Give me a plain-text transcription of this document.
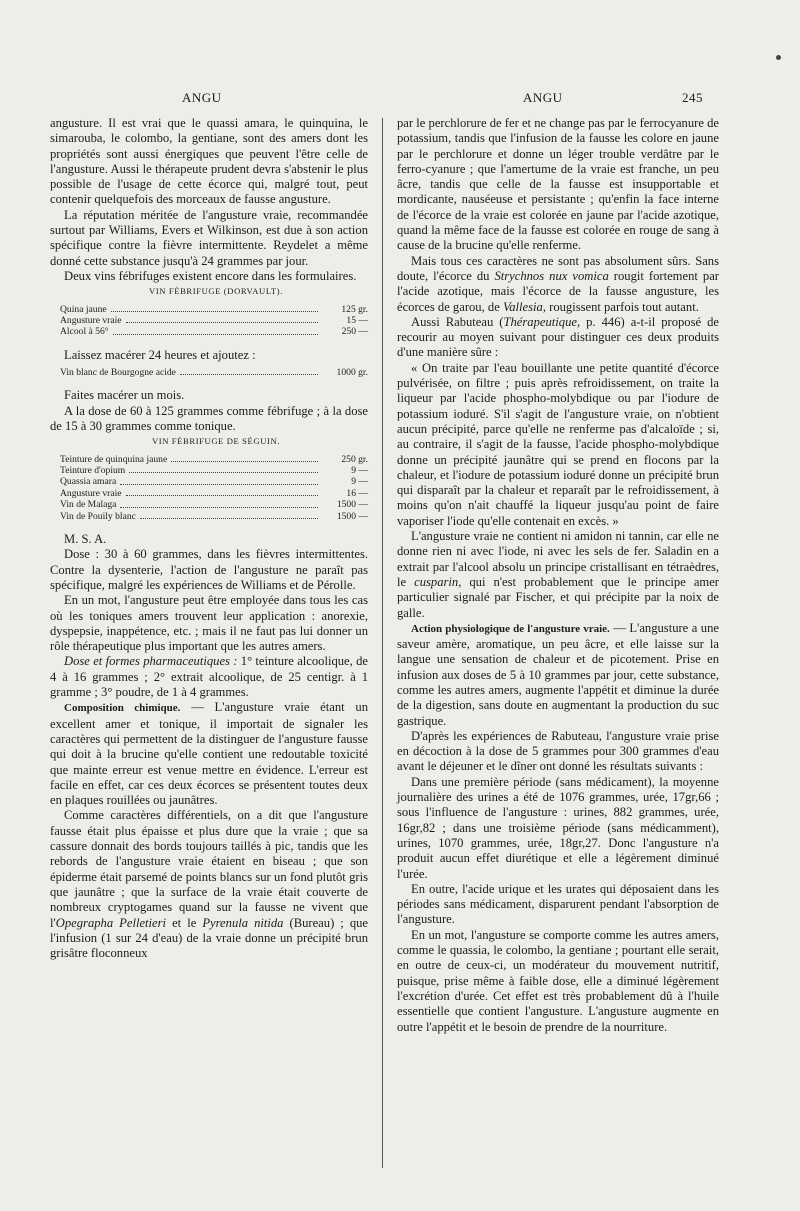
ANGU	ANGU	245

angusture. Il est vrai que le quassi amara, le quinquina, le simarouba, le colombo, la gentiane, sont des amers dont les propriétés sont aussi énergiques que peuvent l'être celle de l'angusture. Aussi le thérapeute prudent devra s'abstenir le plus possible de l'usage de cette écorce qui, malgré tout, peut contenir quelquefois des morceaux de fausse angusture.

La réputation méritée de l'angusture vraie, recommandée surtout par Williams, Evers et Wilkinson, est due à son action spécifique contre la fièvre intermittente. Reydelet a même donné cette substance jusqu'à 24 grammes par jour.

Deux vins fébrifuges existent encore dans les formulaires.

VIN FÉBRIFUGE (DORVAULT).

Quina jaune	125 gr.
Angusture vraie	15 —
Alcool à 56°	250 —

Laissez macérer 24 heures et ajoutez :

Vin blanc de Bourgogne acide	1000 gr.

Faites macérer un mois.

A la dose de 60 à 125 grammes comme fébrifuge ; à la dose de 15 à 30 grammes comme tonique.

VIN FÉBRIFUGE DE SÉGUIN.

Teinture de quinquina jaune	250 gr.
Teinture d'opium	9 —
Quassia amara	9 —
Angusture vraie	16 —
Vin de Malaga	1500 —
Vin de Pouily blanc	1500 —

M. S. A.

Dose : 30 à 60 grammes, dans les fièvres intermittentes. Contre la dysenterie, l'action de l'angusture ne paraît pas spécifique, malgré les expériences de Williams et de Pérolle.

En un mot, l'angusture peut être employée dans tous les cas où les toniques amers trouvent leur application : anorexie, dyspepsie, inappétence, etc. ; mais il ne faut pas lui donner un rôle thérapeutique plus important que les autres amers.

Dose et formes pharmaceutiques : 1° teinture alcoolique, de 4 à 16 grammes ; 2° extrait alcoolique, de 25 centigr. à 1 gramme ; 3° poudre, de 1 à 4 grammes.

Composition chimique. — L'angusture vraie étant un excellent amer et tonique, il importait de signaler les caractères qui permettent de la distinguer de l'angusture fausse qui doit à la brucine qu'elle contient une redoutable toxicité que mainte erreur est venue mettre en évidence. L'erreur est facile en effet, car ces deux écorces se présentent toutes deux en plaques rouillées ou jaunâtres.

Comme caractères différentiels, on a dit que l'angusture fausse était plus épaisse et plus dure que la vraie ; que sa cassure donnait des bords toujours taillés à pic, tandis que les rebords de l'angusture vraie étaient en biseau ; que son épiderme était parsemé de points blancs sur un fond plutôt gris que jaunâtre ; que la surface de la vraie était couverte de nombreux cryptogames quand sur la fausse ne vivent que l'Opegrapha Pelletieri et le Pyrenula nitida (Bureau) ; que l'infusion (1 sur 24 d'eau) de la vraie donne un précipité brun grisâtre floconneux

par le perchlorure de fer et ne change pas par le ferrocyanure de potassium, tandis que l'infusion de la fausse les colore en jaune par le perchlorure et donne un léger trouble verdâtre par le ferro-cyanure ; que l'amertume de la vraie est franche, un peu âcre, tandis que celle de la fausse est insupportable et mordicante, nauséeuse et persistante ; qu'enfin la face interne de l'écorce de la vraie est colorée en jaune par l'acide azotique, quand la même face de la fausse est colorée en rouge de sang à cause de la brucine qu'elle renferme.

Mais tous ces caractères ne sont pas absolument sûrs. Sans doute, l'écorce du Strychnos nux vomica rougit fortement par l'acide azotique, mais l'écorce de la fausse angusture, les écorces de garou, de Vallesia, rougissent parfois tout autant.

Aussi Rabuteau (Thérapeutique, p. 446) a-t-il proposé de recourir au moyen suivant pour distinguer ces deux produits d'une manière sûre :

« On traite par l'eau bouillante une petite quantité d'écorce pulvérisée, on filtre ; puis après refroidissement, on traite la liqueur par l'acide phospho-molybdique ou par l'iodure de potassium ioduré. S'il s'agit de l'angusture vraie, on n'obtient aucun précipité, parce qu'elle ne renferme pas d'alcaloïde ; si, au contraire, il s'agit de la fausse, l'acide phospho-molybdique donne un précipité jaunâtre qui se prend en flocons par la chaleur, et l'iodure de potassium ioduré donne un précipité brun qui disparaît par la chaleur et reparaît par le refroidissement, à moins qu'on n'ait chauffé la liqueur jusqu'au point de faire vaporiser l'iode qu'elle contenait en excès. »

L'angusture vraie ne contient ni amidon ni tannin, car elle ne donne rien ni avec l'iode, ni avec les sels de fer. Saladin en a extrait par l'alcool absolu un principe cristallisant en tétraèdres, le cusparin, qui n'est probablement que le principe amer particulier signalé par Fischer, et qui précipite par la noix de galle.

Action physiologique de l'angusture vraie. — L'angusture a une saveur amère, aromatique, un peu âcre, et elle laisse sur la langue une sensation de chaleur et de picotement. Prise en infusion aux doses de 5 à 10 grammes par jour, cette substance, comme les autres amers, augmente l'appétit et diminue la durée de la digestion, sans doute en augmentant la production du suc gastrique.

D'après les expériences de Rabuteau, l'angusture vraie prise en décoction à la dose de 5 grammes pour 300 grammes d'eau avant le déjeuner et le dîner ont donné les résultats suivants :

Dans une première période (sans médicament), la moyenne journalière des urines a été de 1076 grammes, urée, 17gr,66 ; sous l'influence de l'angusture : urines, 882 grammes, urée, 16gr,82 ; dans une troisième période (sans médicamment), urines, 1070 grammes, urée, 18gr,27. Donc l'angusture n'a produit aucun effet diurétique et elle a légèrement diminué l'urée.

En outre, l'acide urique et les urates qui déposaient dans les périodes sans médicament, disparurent pendant l'absorption de l'angusture.

En un mot, l'angusture se comporte comme les autres amers, comme le quassia, le colombo, la gentiane ; pourtant elle serait, en outre de ceux-ci, un modérateur du mouvement nutritif, puisque, prise même à faible dose, elle a diminué légèrement l'excrétion d'urée. Cet effet est très probablement dû à l'huile essentielle que contient l'angusture. L'angusture augmente en outre l'appétit et le besoin de prendre de la nourriture.
